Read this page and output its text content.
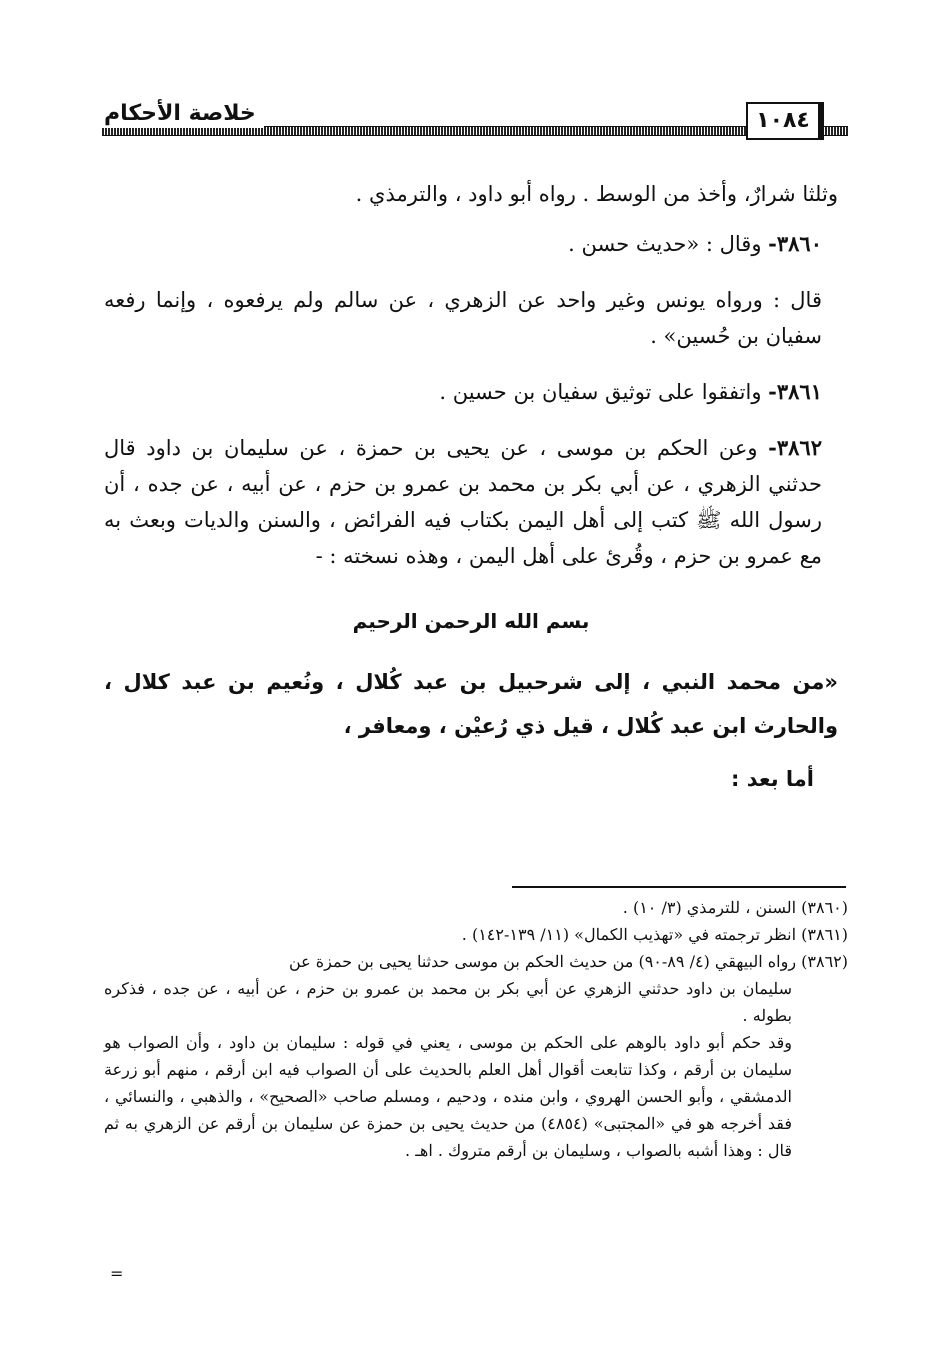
خلاصة الأحكام	١٠٨٤

وثلثا شرارٌ، وأخذ من الوسط . رواه أبو داود ، والترمذي .

٣٨٦٠- وقال : «حديث حسن .

قال : ورواه يونس وغير واحد عن الزهري ، عن سالم ولم يرفعوه ، وإنما رفعه سفيان بن حُسين» .

٣٨٦١- واتفقوا على توثيق سفيان بن حسين .

٣٨٦٢- وعن الحكم بن موسى ، عن يحيى بن حمزة ، عن سليمان بن داود قال حدثني الزهري ، عن أبي بكر بن محمد بن عمرو بن حزم ، عن أبيه ، عن جده ، أن رسول الله ﷺ كتب إلى أهل اليمن بكتاب فيه الفرائض ، والسنن والديات وبعث به مع عمرو بن حزم ، وقُرئ على أهل اليمن ، وهذه نسخته : -

بسم الله الرحمن الرحيم

«من محمد النبي ، إلى شرحبيل بن عبد كُلال ، ونُعيم بن عبد كلال ، والحارث ابن عبد كُلال ، قيل ذي رُعيْن ، ومعافر ،

أما بعد :

(٣٨٦٠) السنن ، للترمذي (٣/ ١٠) .

(٣٨٦١) انظر ترجمته في «تهذيب الكمال» (١١/ ١٣٩-١٤٢) .

(٣٨٦٢) رواه البيهقي (٤/ ٨٩-٩٠) من حديث الحكم بن موسى حدثنا يحيى بن حمزة عن

سليمان بن داود حدثني الزهري عن أبي بكر بن محمد بن عمرو بن حزم ، عن أبيه ، عن جده ، فذكره بطوله .

وقد حكم أبو داود بالوهم على الحكم بن موسى ، يعني في قوله : سليمان بن داود ، وأن الصواب هو سليمان بن أرقم ، وكذا تتابعت أقوال أهل العلم بالحديث على أن الصواب فيه ابن أرقم ، منهم أبو زرعة الدمشقي ، وأبو الحسن الهروي ، وابن منده ، ودحيم ، ومسلم صاحب «الصحيح» ، والذهبي ، والنسائي ، فقد أخرجه هو في «المجتبى» (٤٨٥٤) من حديث يحيى بن حمزة عن سليمان بن أرقم عن الزهري به ثم قال : وهذا أشبه بالصواب ، وسليمان بن أرقم متروك . اهـ .

=
